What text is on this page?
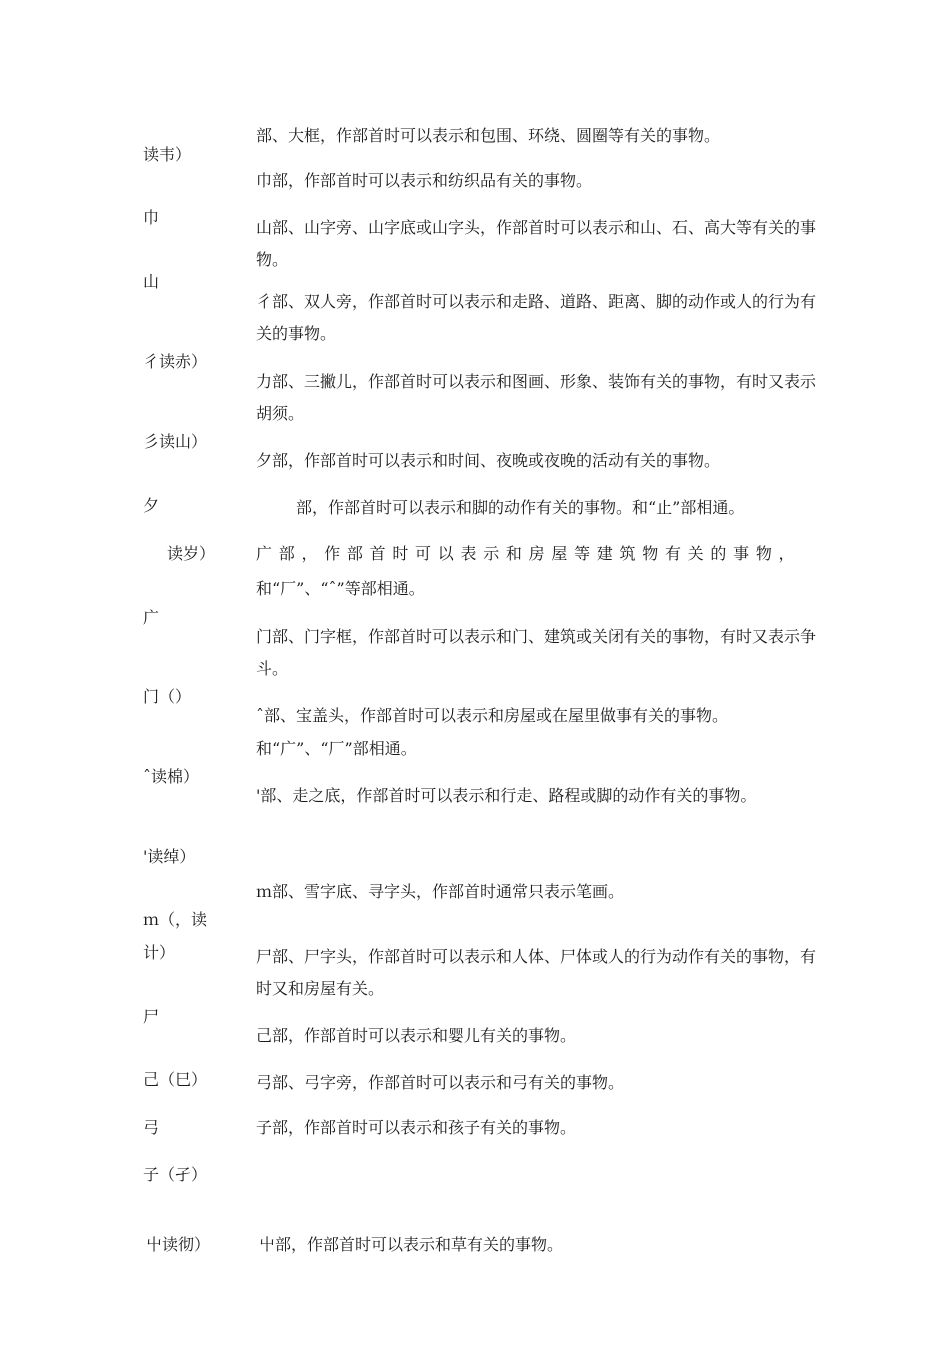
读韦）

巾

山

彳读赤）

彡读山）

夕

读岁）

广

门（）

ˆ读棉）

'读绰）

ｍ（，读

计）

尸

己（巳）

弓

子（孑）

屮读彻）

部、大框，作部首时可以表示和包围、环绕、圆圈等有关的事物。

巾部，作部首时可以表示和纺织品有关的事物。

山部、山字旁、山字底或山字头，作部首时可以表示和山、石、高大等有关的事物。

彳部、双人旁，作部首时可以表示和走路、道路、距离、脚的动作或人的行为有关的事物。

力部、三撇儿，作部首时可以表示和图画、形象、装饰有关的事物，有时又表示胡须。

夕部，作部首时可以表示和时间、夜晚或夜晚的活动有关的事物。

部，作部首时可以表示和脚的动作有关的事物。和“止”部相通。

广部，作部首时可以表示和房屋等建筑物有关的事物，

和“厂”、“ˆ”等部相通。

门部、门字框，作部首时可以表示和门、建筑或关闭有关的事物，有时又表示争斗。

ˆ部、宝盖头，作部首时可以表示和房屋或在屋里做事有关的事物。

和“广”、“厂”部相通。

'部、走之底，作部首时可以表示和行走、路程或脚的动作有关的事物。

ｍ部、雪字底、寻字头，作部首时通常只表示笔画。

尸部、尸字头，作部首时可以表示和人体、尸体或人的行为动作有关的事物，有时又和房屋有关。

己部，作部首时可以表示和婴儿有关的事物。

弓部、弓字旁，作部首时可以表示和弓有关的事物。

子部，作部首时可以表示和孩子有关的事物。

屮部，作部首时可以表示和草有关的事物。
